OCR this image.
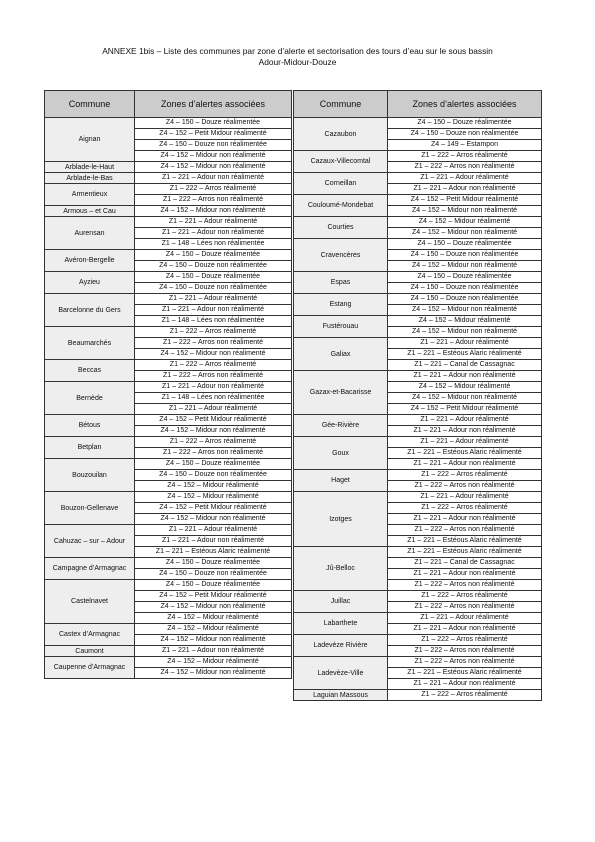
ANNEXE 1bis – Liste des communes par zone d’alerte et sectorisation des tours d’eau sur le sous bassin
Adour-Midour-Douze
Commune	Zones d’alertes associées
Aignan	Z4 – 150 – Douze réalimentée
	Z4 – 152 – Petit Midour réalimenté
	Z4 – 150 – Douze non réalimentée
	Z4 – 152 – Midour non réalimenté
Arblade-le-Haut	Z4 – 152 – Midour non réalimenté
Arblade-le-Bas	Z1 – 221 – Adour non réalimenté
Armentieux	Z1 – 222 – Arros réalimenté
	Z1 – 222 – Arros non réalimenté
Armous – et Cau	Z4 – 152 – Midour non réalimenté
Aurensan	Z1 – 221 – Adour réalimenté
	Z1 – 221 – Adour non réalimenté
	Z1 – 148 – Lées non réalimentée
Avéron-Bergelle	Z4 – 150 – Douze réalimentée
	Z4 – 150 – Douze non réalimentée
Ayzieu	Z4 – 150 – Douze réalimentée
	Z4 – 150 – Douze non réalimentée
Barcelonne du Gers	Z1 – 221 – Adour réalimenté
	Z1 – 221 – Adour non réalimenté
	Z1 – 148 – Lées non réalimentée
Beaumarchés	Z1 – 222 – Arros réalimenté
	Z1 – 222 – Arros non réalimenté
	Z4 – 152 – Midour non réalimenté
Beccas	Z1 – 222 – Arros réalimenté
	Z1 – 222 – Arros non réalimenté
Bernède	Z1 – 221 – Adour non réalimenté
	Z1 – 148 – Lées non réalimentée
	Z1 – 221 – Adour réalimenté
Bétous	Z4 – 152 – Petit Midour réalimenté
	Z4 – 152 – Midour non réalimenté
Betplan	Z1 – 222 – Arros réalimenté
	Z1 – 222 – Arros non réalimenté
Bouzouilan	Z4 – 150 – Douze réalimentée
	Z4 – 150 – Douze non réalimentée
	Z4 – 152 – Midour réalimenté
Bouzon-Gellenave	Z4 – 152 – Midour réalimenté
	Z4 – 152 – Petit Midour réalimenté
	Z4 – 152 – Midour non réalimenté
Cahuzac – sur – Adour	Z1 – 221 – Adour réalimenté
	Z1 – 221 – Adour non réalimenté
	Z1 – 221 – Estéous Alaric réalimenté
Campagne d’Armagnac	Z4 – 150 – Douze réalimentée
	Z4 – 150 – Douze non réalimentée
Castelnavet	Z4 – 150 – Douze réalimentée
	Z4 – 152 – Petit Midour réalimenté
	Z4 – 152 – Midour non réalimenté
	Z4 – 152 – Midour réalimenté
Castex d’Armagnac	Z4 – 152 – Midour réalimenté
	Z4 – 152 – Midour non réalimenté
Caumont	Z1 – 221 – Adour non réalimenté
Caupenne d’Armagnac	Z4 – 152 – Midour réalimenté
	Z4 – 152 – Midour non réalimenté
Commune	Zones d’alertes associées
Cazaubon	Z4 – 150 – Douze réalimentée
	Z4 – 150 – Douze non réalimentée
	Z4 – 149 – Estampon
Cazaux-Villecomtal	Z1 – 222 – Arros réalimenté
	Z1 – 222 – Arros non réalimenté
Corneillan	Z1 – 221 – Adour réalimenté
	Z1 – 221 – Adour non réalimenté
Couloumé-Mondebat	Z4 – 152 – Petit Midour réalimenté
	Z4 – 152 – Midour non réalimenté
Courties	Z4 – 152 – Midour réalimenté
	Z4 – 152 – Midour non réalimenté
Cravencères	Z4 – 150 – Douze réalimentée
	Z4 – 150 – Douze non réalimentée
	Z4 – 152 – Midour non réalimenté
Espas	Z4 – 150 – Douze réalimentée
	Z4 – 150 – Douze non réalimentée
Estang	Z4 – 150 – Douze non réalimentée
	Z4 – 152 – Midour non réalimenté
Fustérouau	Z4 – 152 – Midour réalimenté
	Z4 – 152 – Midour non réalimenté
Galiax	Z1 – 221 – Adour réalimenté
	Z1 – 221 – Estéous Alaric réalimenté
	Z1 – 221 – Canal de Cassagnac
Gazax-et-Bacarisse	Z1 – 221 – Adour non réalimenté
	Z4 – 152 – Midour réalimenté
	Z4 – 152 – Midour non réalimenté
	Z4 – 152 – Petit Midour réalimenté
Gée-Rivière	Z1 – 221 – Adour réalimenté
	Z1 – 221 – Adour non réalimenté
Goux	Z1 – 221 – Adour réalimenté
	Z1 – 221 – Estéous Alaric réalimenté
	Z1 – 221 – Adour non réalimenté
Haget	Z1 – 222 – Arros réalimenté
	Z1 – 222 – Arros non réalimenté
Izotges	Z1 – 221 – Adour réalimenté
	Z1 – 222 – Arros réalimenté
	Z1 – 221 – Adour non réalimenté
	Z1 – 222 – Arros non réalimenté
	Z1 – 221 – Estéous Alaric réalimenté
Jû-Belloc	Z1 – 221 – Estéous Alaric réalimenté
	Z1 – 221 – Canal de Cassagnac
	Z1 – 221 – Adour non réalimenté
	Z1 – 222 – Arros non réalimenté
Juillac	Z1 – 222 – Arros réalimenté
	Z1 – 222 – Arros non réalimenté
Labarthete	Z1 – 221 – Adour réalimenté
	Z1 – 221 – Adour non réalimenté
Ladevèze Rivière	Z1 – 222 – Arros réalimenté
	Z1 – 222 – Arros non réalimenté
Ladevèze-Ville	Z1 – 222 – Arros non réalimenté
	Z1 – 221 – Estéous Alaric réalimenté
	Z1 – 221 – Adour non réalimenté
Laguian Massous	Z1 – 222 – Arros réalimenté
